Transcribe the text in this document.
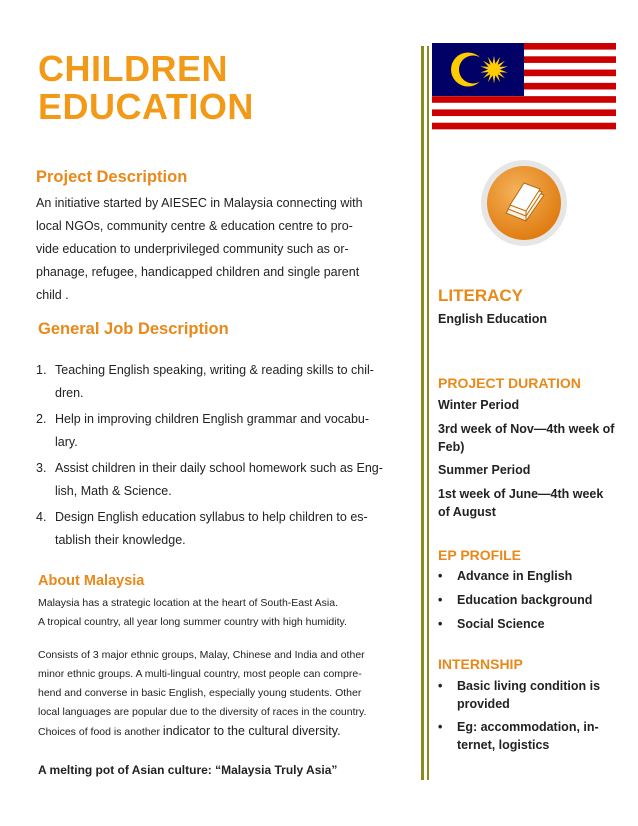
CHILDREN
EDUCATION
Project Description
An initiative started by AIESEC in Malaysia connecting with
local NGOs, community centre & education centre to pro-
vide education to underprivileged community such as or-
phanage, refugee, handicapped children and single parent
child .
General Job Description
1. Teaching English speaking, writing & reading skills to chil-
dren.
2. Help in improving children English grammar and vocabu-
lary.
3. Assist children in their daily school homework such as Eng-
lish, Math & Science.
4. Design English education syllabus to help children to es-
tablish their knowledge.
About Malaysia

Malaysia has a strategic location at the heart of South-East Asia.

A tropical country, all year long summer country with high humidity.

Consists of 3 major ethnic groups, Malay, Chinese and India and other

minor ethnic groups. A multi-lingual country, most people can compre-

hend and converse in basic English, especially young students. Other

local languages are popular due to the diversity of races in the country.

Choices of food is another indicator to the cultural diversity.

A melting pot of Asian culture: “Malaysia Truly Asia”
LITERACY
English Education
PROJECT DURATION
Winter Period
3rd week of Nov—4th week of Feb)
Summer Period
1st week of June—4th week of August
EP PROFILE
•	Advance in English
•	Education background
•	Social Science
INTERNSHIP
•	Basic living condition is provided
•	Eg: accommodation, in-ternet, logistics
